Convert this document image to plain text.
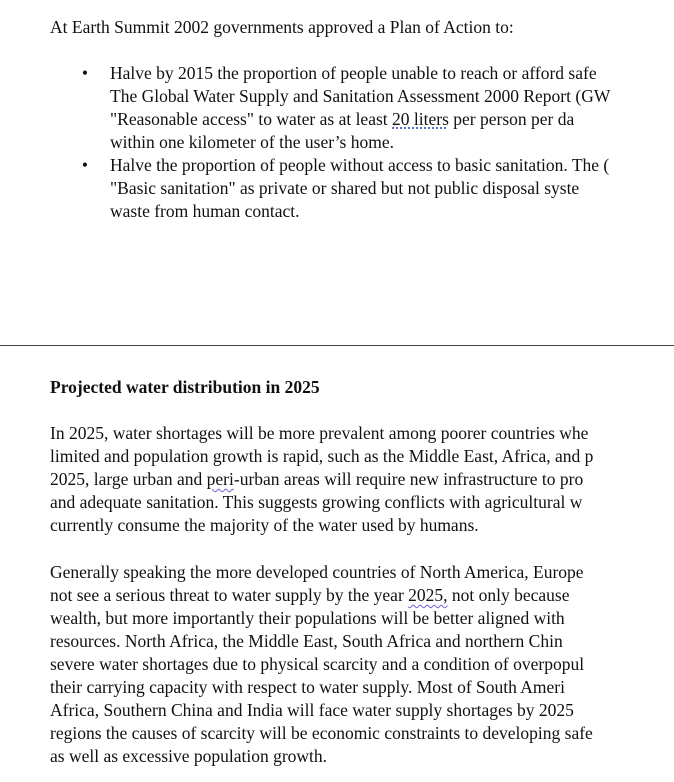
At Earth Summit 2002 governments approved a Plan of Action to:
• Halve by 2015 the proportion of people unable to reach or afford safe
The Global Water Supply and Sanitation Assessment 2000 Report (GW
"Reasonable access" to water as at least 20 liters per person per da
within one kilometer of the user’s home.
• Halve the proportion of people without access to basic sanitation. The (
"Basic sanitation" as private or shared but not public disposal syste
waste from human contact.
Projected water distribution in 2025
In 2025, water shortages will be more prevalent among poorer countries whe
limited and population growth is rapid, such as the Middle East, Africa, and p
2025, large urban and peri-urban areas will require new infrastructure to pro
and adequate sanitation. This suggests growing conflicts with agricultural w
currently consume the majority of the water used by humans.
Generally speaking the more developed countries of North America, Europe
not see a serious threat to water supply by the year 2025, not only because
wealth, but more importantly their populations will be better aligned with
resources. North Africa, the Middle East, South Africa and northern Chin
severe water shortages due to physical scarcity and a condition of overpopul
their carrying capacity with respect to water supply. Most of South Ameri
Africa, Southern China and India will face water supply shortages by 2025
regions the causes of scarcity will be economic constraints to developing safe
as well as excessive population growth.
